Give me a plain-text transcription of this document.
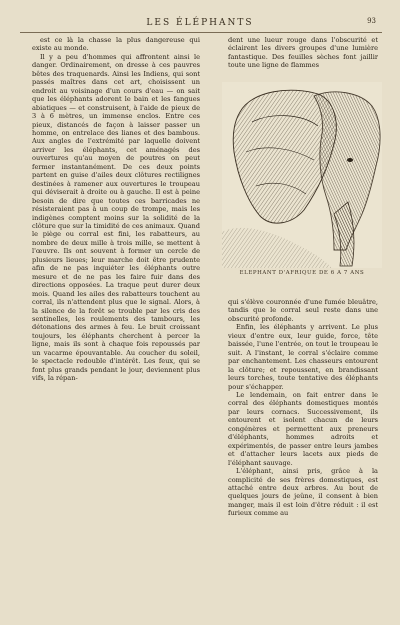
LES ÉLÉPHANTS	93

est ce là la chasse la plus dangereuse qui existe au monde.

Il y a peu d'hommes qui affrontent ainsi le danger. Ordinairement, on dresse à ces pauvres bêtes des traquenards. Ainsi les Indiens, qui sont passés maîtres dans cet art, choisissent un endroit au voisinage d'un cours d'eau — on sait que les éléphants adorent le bain et les fangues abiatiques — et construisent, à l'aide de pieux de 3 à 6 mètres, un immense enclos. Entre ces pieux, distancés de façon à laisser passer un homme, on entrelace des lianes et des bambous. Aux angles de l'extrémité par laquelle doivent arriver les éléphants, cet aménagés des ouvertures qu'au moyen de poutres on peut fermer instantanément. De ces deux points partent en guise d'ailes deux clôtures rectilignes destinées à ramener aux ouvertures le troupeau qui déviserait à droite ou à gauche. Il est à peine besoin de dire que toutes ces barricades ne résisteraient pas à un coup de trompe, mais les indigènes comptent moins sur la solidité de la clôture que sur la timidité de ces animaux. Quand le piège ou corral est fini, les rabatteurs, au nombre de deux mille à trois mille, se mettent à l'œuvre. Ils ont souvent à former un cercle de plusieurs lieues; leur marche doit être prudente afin de ne pas inquiéter les éléphants outre mesure et de ne pas les faire fuir dans des directions opposées. La traque peut durer deux mois. Quand les ailes des rabatteurs touchent au corral, ils n'attendent plus que le signal. Alors, à la silence de la forêt se trouble par les cris des sentinelles, les roulements des tambours, les détonations des armes à feu. Le bruit croissant toujours, les éléphants cherchent à percer la ligne, mais ils sont à chaque fois repoussés par un vacarme épouvantable. Au coucher du soleil, le spectacle redouble d'intérêt. Les feux, qui se font plus grands pendant le jour, deviennent plus vifs, la répan-

dent une lueur rouge dans l'obscurité et éclairent les divers groupes d'une lumière fantastique. Des feuilles sèches font jaillir toute une ligne de flammes

ÉLÉPHANT D'AFRIQUE DE 6 A 7 ANS

qui s'élève couronnée d'une fumée bleuâtre, tandis que le corral seul reste dans une obscurité profonde.

Enfin, les éléphants y arrivent. Le plus vieux d'entre eux, leur guide, force, tête baissée, l'une l'entrée, on tout le troupeau le suit. A l'instant, le corral s'éclaire comme par enchantement. Les chasseurs entourent la clôture; et repoussent, en brandissant leurs torches, toute tentative des éléphants pour s'échapper.

Le lendemain, on fait entrer dans le corral des éléphants domestiques montés par leurs cornacs. Successivement, ils entourent et isolent chacun de leurs congénères et permettent aux preneurs d'éléphants, hommes adroits et expérimentés, de passer entre leurs jambes et d'attacher leurs lacets aux pieds de l'éléphant sauvage.

L'éléphant, ainsi pris, grâce à la complicité de ses frères domestiques, est attaché entre deux arbres. Au bout de quelques jours de jeûne, il consent à bien manger, mais il est loin d'être réduit : il est furieux comme au
